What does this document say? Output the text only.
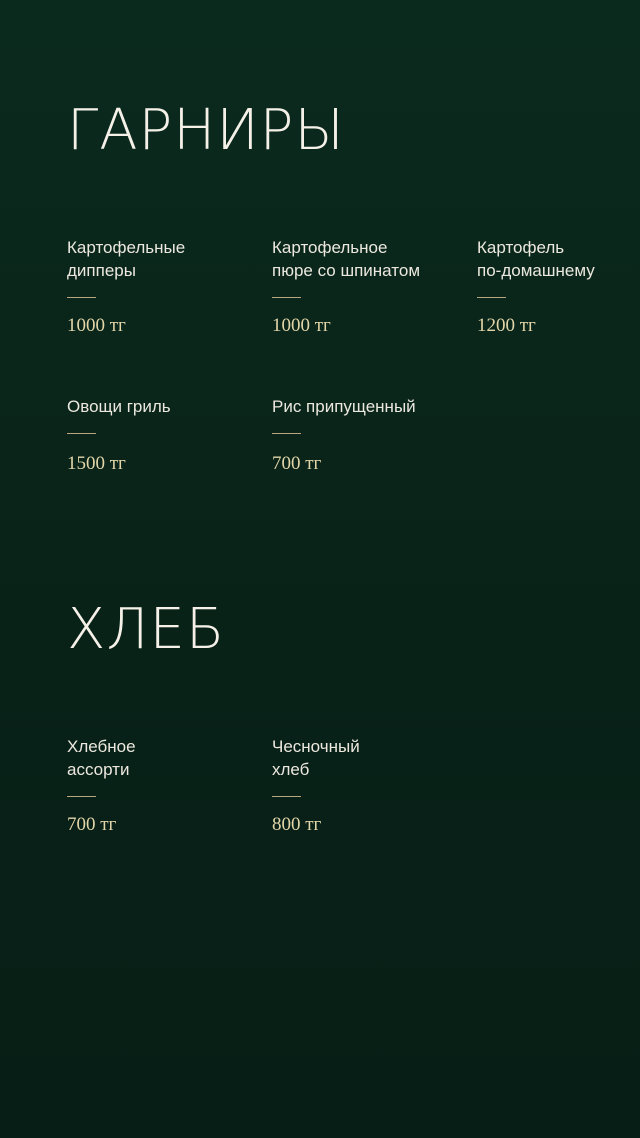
ГАРНИРЫ

Картофельные
дипперы

1000 тг

Картофельное
пюре со шпинатом

1000 тг

Картофель
по-домашнему

1200 тг

Овощи гриль

1500 тг

Рис припущенный

700 тг
ХЛЕБ

Хлебное
ассорти

700 тг

Чесночный
хлеб

800 тг
